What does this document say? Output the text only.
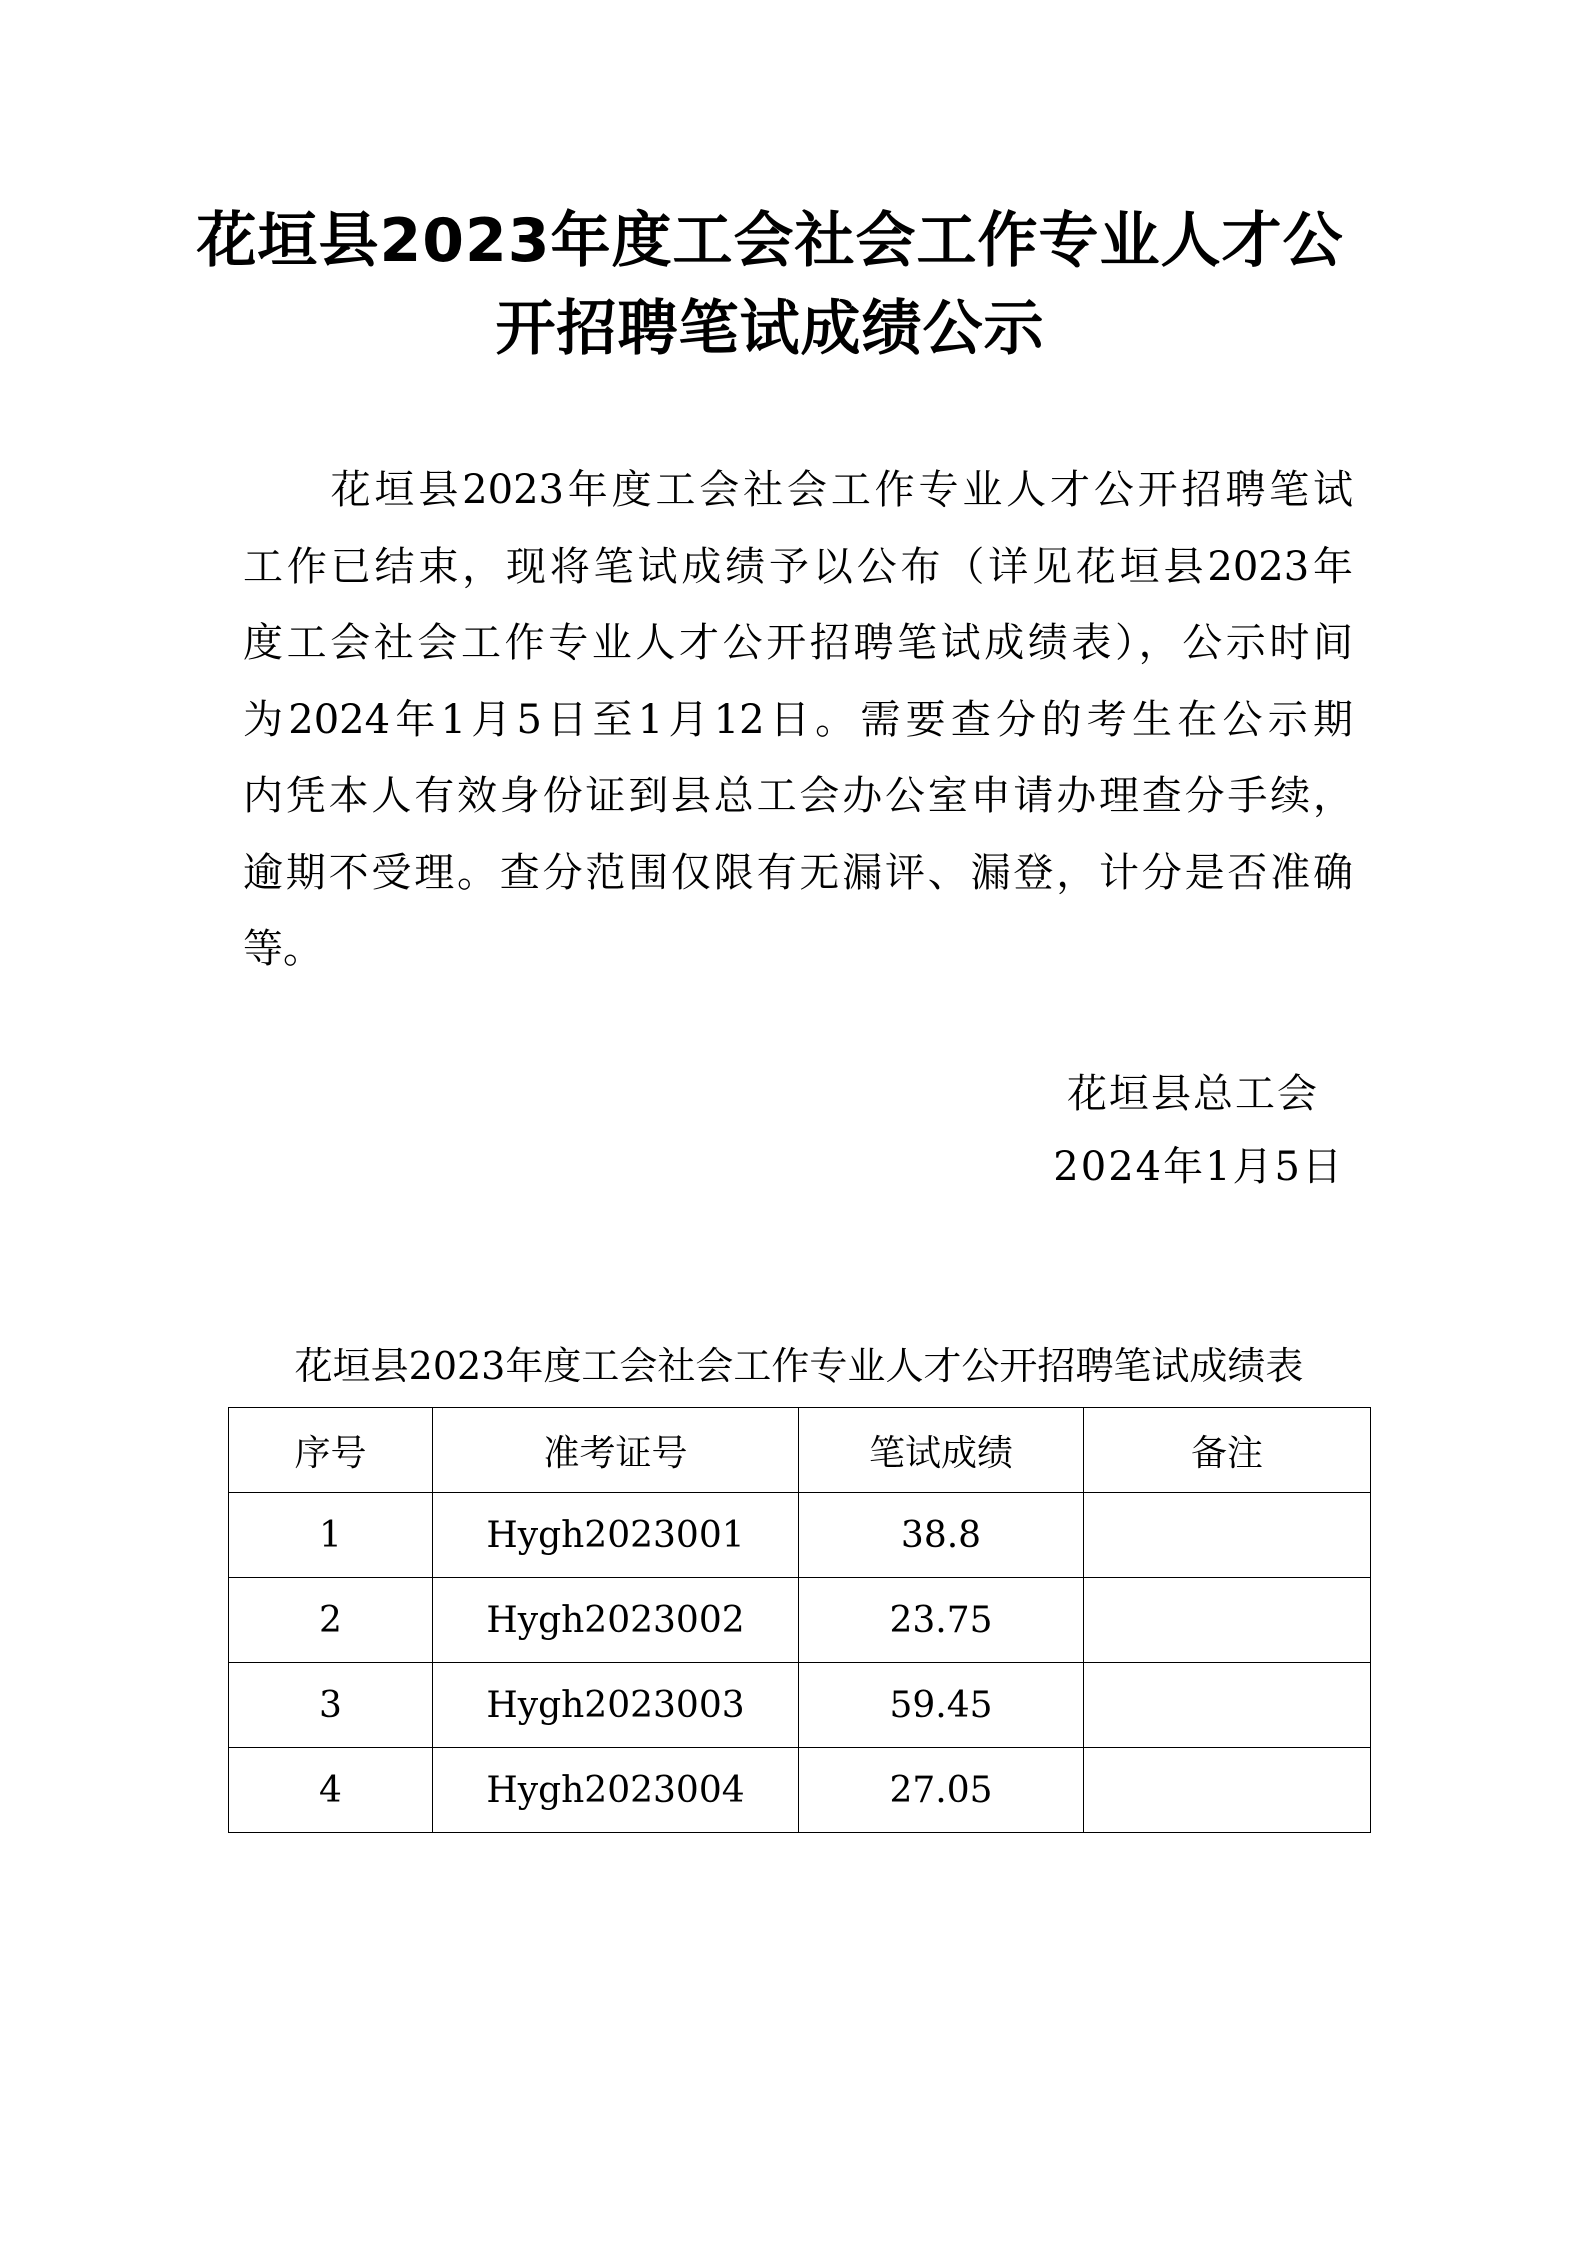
花垣县2023年度工会社会工作专业人才公
开招聘笔试成绩公示
　　花垣县2023年度工会社会工作专业人才公开招聘笔试
工作已结束，现将笔试成绩予以公布（详见花垣县2023年
度工会社会工作专业人才公开招聘笔试成绩表），公示时间
为2024年1月5日至1月12日。需要查分的考生在公示期
内凭本人有效身份证到县总工会办公室申请办理查分手续，
逾期不受理。查分范围仅限有无漏评、漏登，计分是否准确
等。

花垣县总工会

2024年1月5日

花垣县2023年度工会社会工作专业人才公开招聘笔试成绩表

序号	准考证号	笔试成绩	备注
1	Hygh2023001	38.8	
2	Hygh2023002	23.75	
3	Hygh2023003	59.45	
4	Hygh2023004	27.05	
